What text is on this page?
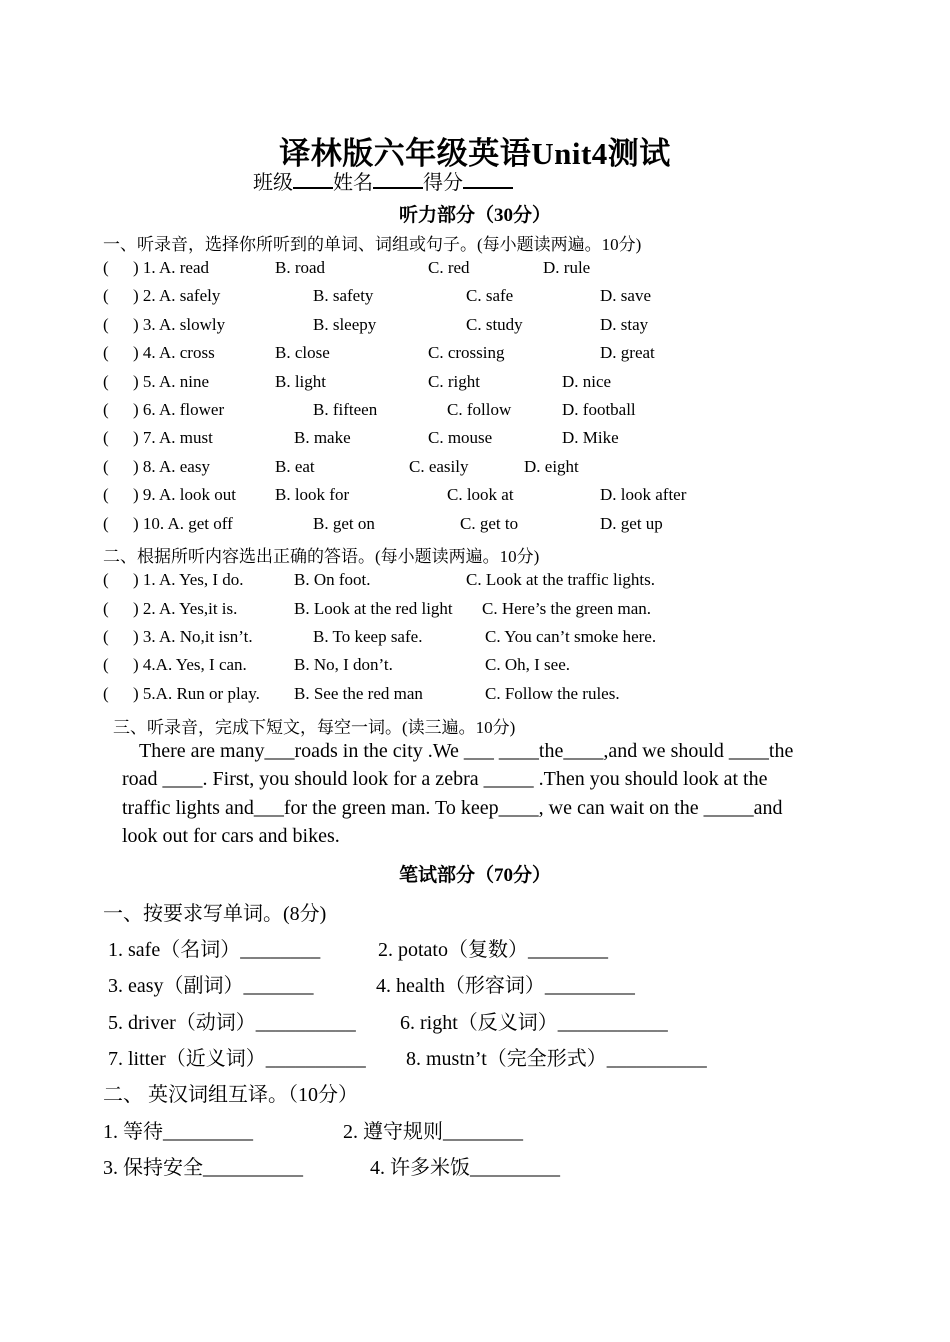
译林版六年级英语Unit4测试
班级 姓名	得分
听力部分（30分）
一、听录音，选择你所听到的单词、词组或句子。(每小题读两遍。10分)
( ) 1. A. read	B. road	C. red	D. rule
( ) 2. A. safely	B. safety	C. safe	D. save
( ) 3. A. slowly	B. sleepy	C. study	D. stay
( ) 4. A. cross	B. close	C. crossing	D. great
( ) 5. A. nine	B. light	C. right	D. nice
( ) 6. A. flower	B. fifteen	C. follow	D. football
( ) 7. A. must	B. make	C. mouse	D. Mike
( ) 8. A. easy	B. eat	C. easily	D. eight
( ) 9. A. look out B. look for	C. look at	D. look after
( ) 10. A. get off	B. get on	C. get to	D. get up
二、根据所听内容选出正确的答语。(每小题读两遍。10分)
( ) 1. A. Yes, I do.	B. On foot.	C. Look at the traffic lights.
( ) 2. A. Yes,it is.	B. Look at the red light C. Here’s the green man.
( ) 3. A. No,it isn’t.	B. To keep safe.	C. You can’t smoke here.
( ) 4.A. Yes, I can.	B. No, I don’t.	C. Oh, I see.
( ) 5.A. Run or play. B. See the red man	C. Follow the rules.
三、听录音，完成下短文，每空一词。(读三遍。10分)
There are many___roads in the city .We ___ ____the____,and we should ____the
road ____. First, you should look for a zebra _____ .Then you should look at the
traffic lights and___for the green man. To keep____, we can wait on the _____and
look out for cars and bikes.
笔试部分（70分）
一、按要求写单词。(8分)
1. safe（名词）________	2. potato（复数）________
3. easy（副词）_______	4. health（形容词）_________
5. driver（动词）__________ 6. right（反义词）___________
7. litter（近义词）__________ 8. mustn’t（完全形式）__________
二、 英汉词组互译。（10分）
1. 等待_________	2. 遵守规则________
3. 保持安全__________	4. 许多米饭_________
